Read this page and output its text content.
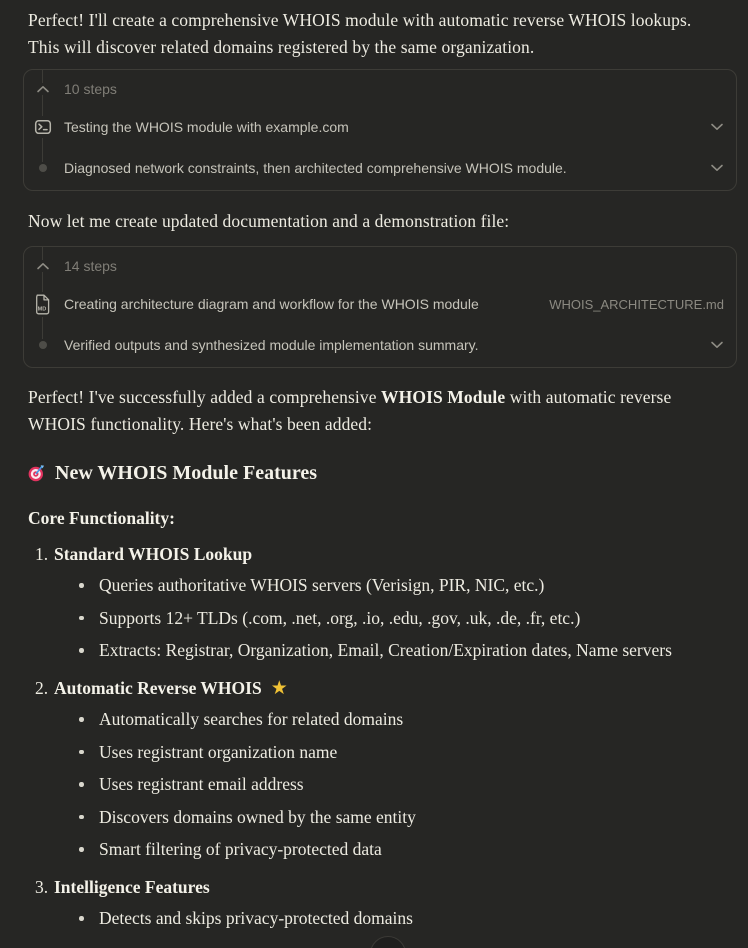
Perfect! I'll create a comprehensive WHOIS module with automatic reverse WHOIS lookups. This will discover related domains registered by the same organization.

10 steps
Testing the WHOIS module with example.com
Diagnosed network constraints, then architected comprehensive WHOIS module.

Now let me create updated documentation and a demonstration file:

14 steps
MD Creating architecture diagram and workflow for the WHOIS module	WHOIS_ARCHITECTURE.md
Verified outputs and synthesized module implementation summary.

Perfect! I've successfully added a comprehensive WHOIS Module with automatic reverse WHOIS functionality. Here's what's been added:

New WHOIS Module Features

Core Functionality:

1. Standard WHOIS Lookup
Queries authoritative WHOIS servers (Verisign, PIR, NIC, etc.)
Supports 12+ TLDs (.com, .net, .org, .io, .edu, .gov, .uk, .de, .fr, etc.)
Extracts: Registrar, Organization, Email, Creation/Expiration dates, Name servers
2. Automatic Reverse WHOIS ★
Automatically searches for related domains
Uses registrant organization name
Uses registrant email address
Discovers domains owned by the same entity
Smart filtering of privacy-protected data
3. Intelligence Features
Detects and skips privacy-protected domains
